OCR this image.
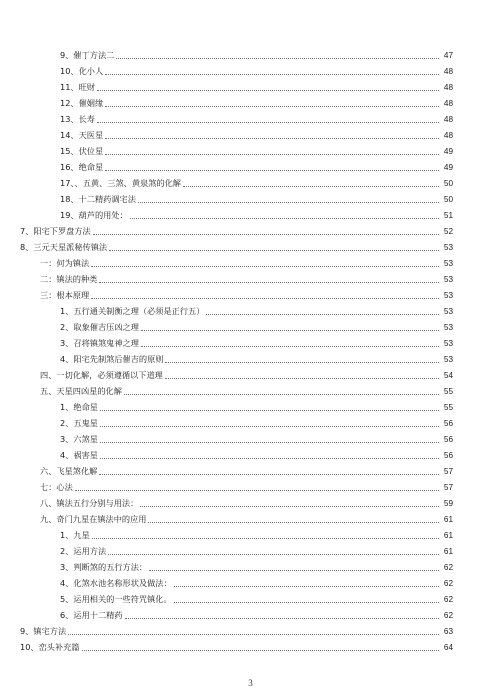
9、催丁方法二	47
10、化小人	48
11、旺财	48
12、催姻缘	48
13、长寿	48
14、天医星	48
15、伏位星	49
16、绝命星	49
17、、五黄、三煞、黄泉煞的化解	50
18、十二精药调宅法	50
19、葫芦的用处：	51
7、阳宅下罗盘方法	52
8、三元天星派秘传镇法	53
一：何为镇法	53
二：镇法的种类	53
三：根本原理	53
1、五行通关制衡之理（必须是正行五）	53
2、取象催吉压凶之理	53
3、召将镇煞鬼神之理	53
4、阳宅先制煞后催吉的原则	53
四、一切化解，必须遵循以下道理	54
五、天星四凶星的化解	55
1、绝命星	55
2、五鬼星	56
3、六煞星	56
4、祸害星	56
六、飞星煞化解	57
七：心法	57
八、镇法五行分别与用法：	59
九、奇门九星在镇法中的应用	61
1、九星	61
2、运用方法	61
3、判断煞的五行方法：	62
4、化煞水池名称形状及做法：	62
5、运用相关的一些符咒镇化。	62
6、运用十二精药	62
9、镇宅方法	63
10、峦头补充篇	64
3
